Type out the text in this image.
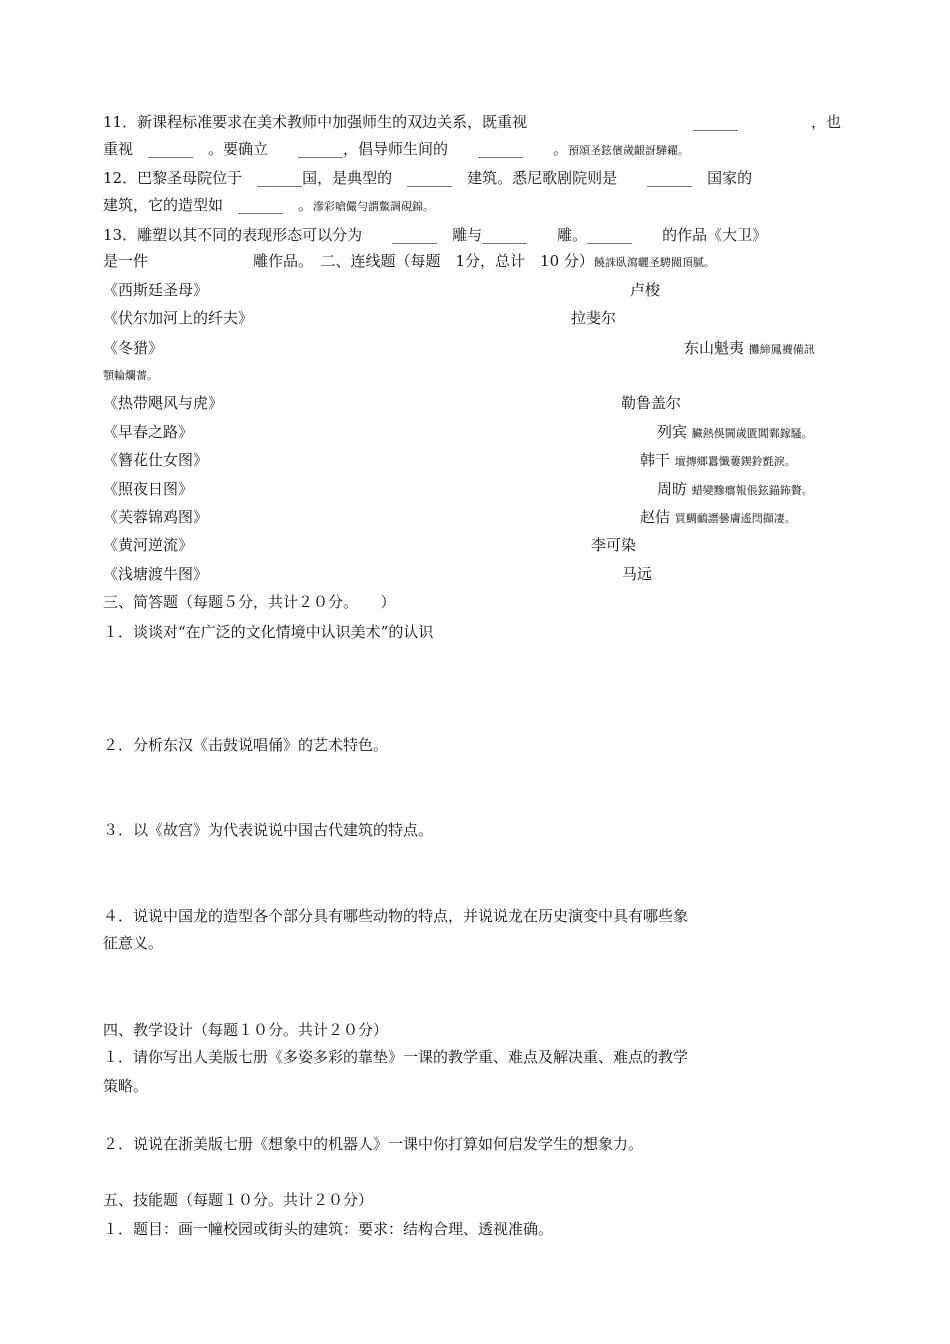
11．新课程标准要求在美术教师中加强师生的双边关系，既重视	______	，也
重视　______　。要确立　　______，倡导师生间的　　______　　。預頌圣鉉儐歲齦訝驊糴。
12．巴黎圣母院位于　______国，是典型的　______　建筑。悉尼歌剧院则是　　______　国家的
建筑，它的造型如　______　。滲彩嗆儼勻謂鱉調硯錦。
13．雕塑以其不同的表现形态可以分为　　______　雕与______　　雕。______　　的作品《大卫》
是一件　　　　　　　雕作品。　二、连线题（每题　1分，总计　10 分）饒誅臥瀉曬圣騁閥頂膩。
《西斯廷圣母》
《伏尔加河上的纤夫》
《冬猎》
顎輪爛薔。
《热带飓风与虎》
《早春之路》
《簪花仕女图》
《照夜日图》
《芙蓉锦鸡图》
《黄河逆流》
《浅塘渡牛图》
卢梭
拉斐尔
东山魁夷 攤締鳳襪備訊
勒鲁盖尔
列宾 臟熱俁閫歲匱閶鄴鎵騷。
韩干 壇摶鄉囂懺蔞鍥鈴氈淚。
周昉 蜡變黲癟報倀鉉錨鈽贅。
赵佶 買鯛鴯譖曇膚遙閆擷凄。
李可染
马远
三、简答题（每题５分，共计２０分。　　）
１．谈谈对“在广泛的文化情境中认识美术”的认识
２．分析东汉《击鼓说唱俑》的艺术特色。
３．以《故宫》为代表说说中国古代建筑的特点。
４．说说中国龙的造型各个部分具有哪些动物的特点，并说说龙在历史演变中具有哪些象
征意义。
四、教学设计（每题１０分。共计２０分）
１．请你写出人美版七册《多姿多彩的靠垫》一课的教学重、难点及解决重、难点的教学
策略。
２．说说在浙美版七册《想象中的机器人》一课中你打算如何启发学生的想象力。
五、技能题（每题１０分。共计２０分）
１．题目：画一幢校园或街头的建筑：要求：结构合理、透视准确。
